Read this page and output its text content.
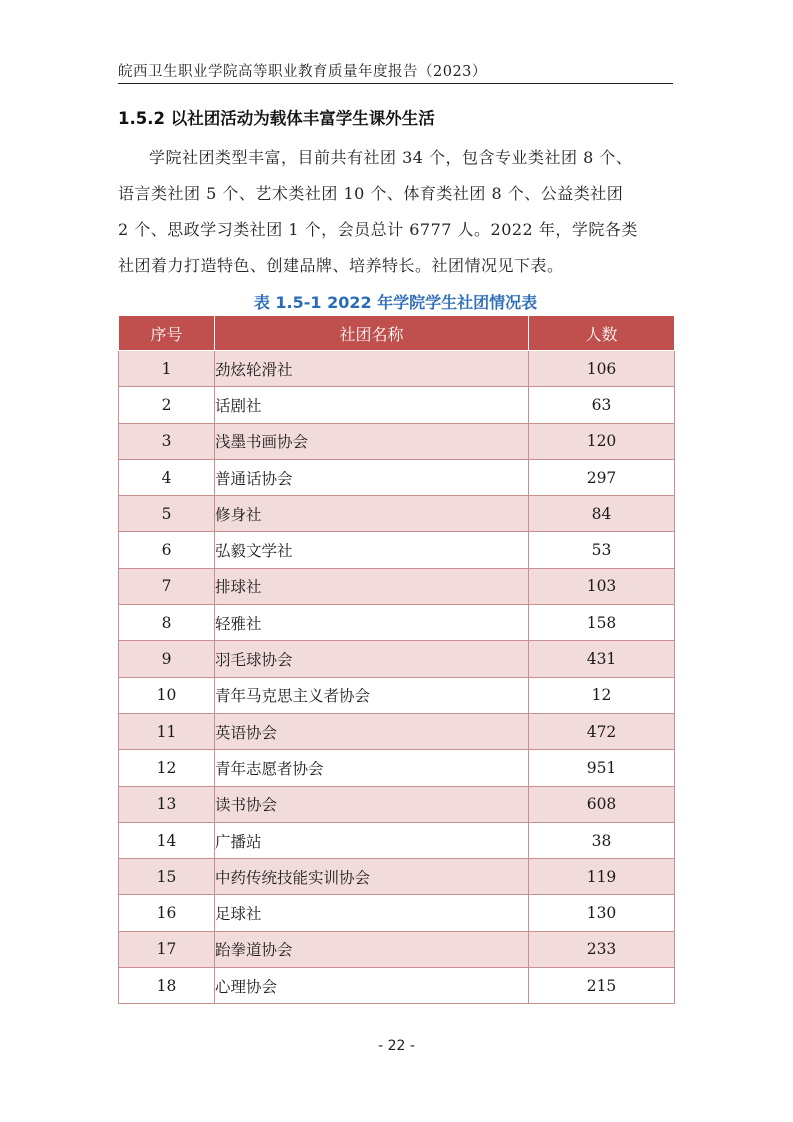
皖西卫生职业学院高等职业教育质量年度报告（2023）
1.5.2 以社团活动为载体丰富学生课外生活
学院社团类型丰富，目前共有社团 34 个，包含专业类社团 8 个、
语言类社团 5 个、艺术类社团 10 个、体育类社团 8 个、公益类社团
2 个、思政学习类社团 1 个，会员总计 6777 人。2022 年，学院各类
社团着力打造特色、创建品牌、培养特长。社团情况见下表。
表 1.5-1 2022 年学院学生社团情况表
序号	社团名称	人数
1	劲炫轮滑社	106
2	话剧社	63
3	浅墨书画协会	120
4	普通话协会	297
5	修身社	84
6	弘毅文学社	53
7	排球社	103
8	轻雅社	158
9	羽毛球协会	431
10	青年马克思主义者协会	12
11	英语协会	472
12	青年志愿者协会	951
13	读书协会	608
14	广播站	38
15	中药传统技能实训协会	119
16	足球社	130
17	跆拳道协会	233
18	心理协会	215
- 22 -
